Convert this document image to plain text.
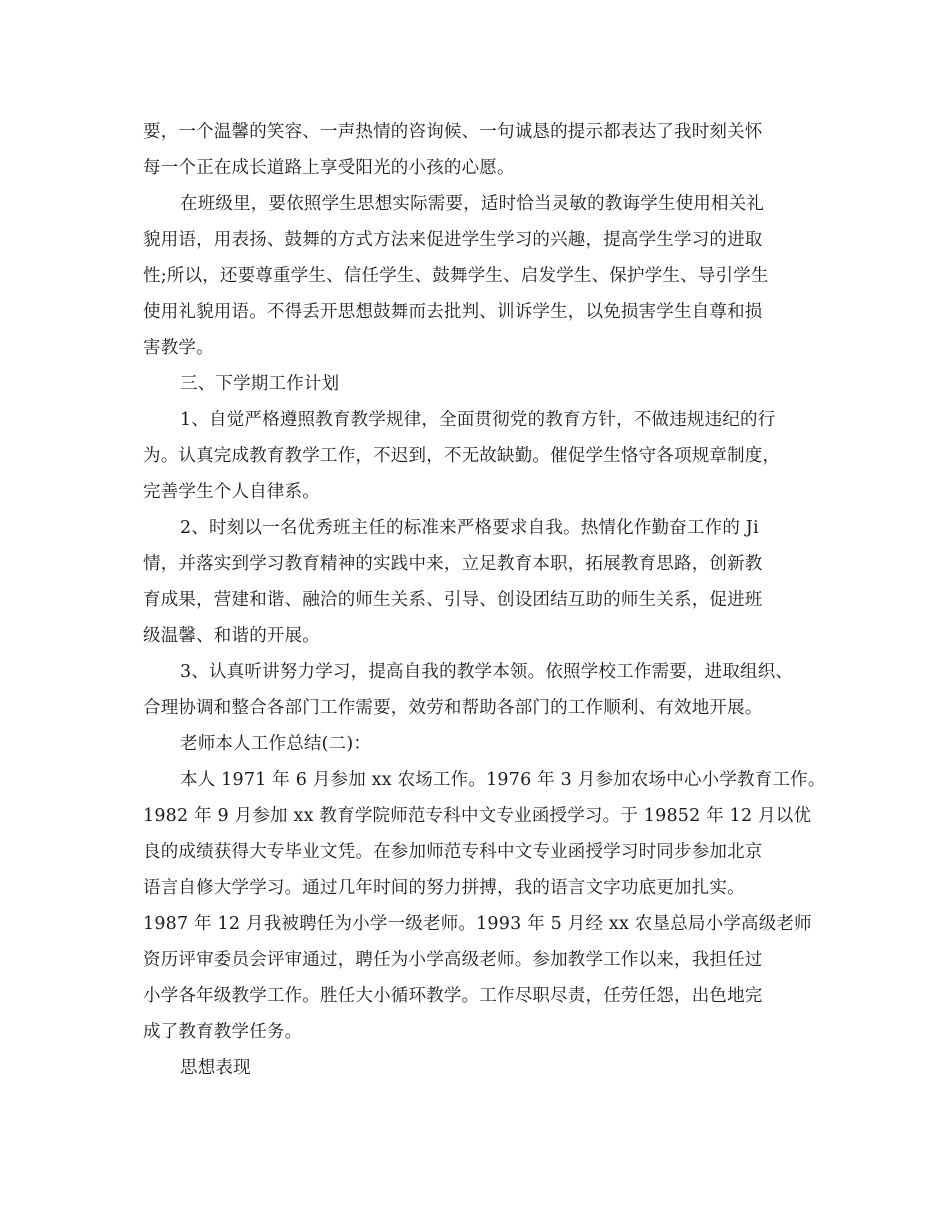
要，一个温馨的笑容、一声热情的咨询候、一句诚恳的提示都表达了我时刻关怀
每一个正在成长道路上享受阳光的小孩的心愿。
在班级里，要依照学生思想实际需要，适时恰当灵敏的教诲学生使用相关礼
貌用语，用表扬、鼓舞的方式方法来促进学生学习的兴趣，提高学生学习的进取
性;所以，还要尊重学生、信任学生、鼓舞学生、启发学生、保护学生、导引学生
使用礼貌用语。不得丢开思想鼓舞而去批判、训诉学生，以免损害学生自尊和损
害教学。
三、下学期工作计划
1、自觉严格遵照教育教学规律，全面贯彻党的教育方针，不做违规违纪的行
为。认真完成教育教学工作，不迟到，不无故缺勤。催促学生恪守各项规章制度，
完善学生个人自律系。
2、时刻以一名优秀班主任的标准来严格要求自我。热情化作勤奋工作的 Ji
情，并落实到学习教育精神的实践中来，立足教育本职，拓展教育思路，创新教
育成果，营建和谐、融洽的师生关系、引导、创设团结互助的师生关系，促进班
级温馨、和谐的开展。
3、认真听讲努力学习，提高自我的教学本领。依照学校工作需要，进取组织、
合理协调和整合各部门工作需要，效劳和帮助各部门的工作顺利、有效地开展。
老师本人工作总结(二)：
本人 1971 年 6 月参加 xx 农场工作。1976 年 3 月参加农场中心小学教育工作。
1982 年 9 月参加 xx 教育学院师范专科中文专业函授学习。于 19852 年 12 月以优
良的成绩获得大专毕业文凭。在参加师范专科中文专业函授学习时同步参加北京
语言自修大学学习。通过几年时间的努力拼搏，我的语言文字功底更加扎实。
1987 年 12 月我被聘任为小学一级老师。1993 年 5 月经 xx 农垦总局小学高级老师
资历评审委员会评审通过，聘任为小学高级老师。参加教学工作以来，我担任过
小学各年级教学工作。胜任大小循环教学。工作尽职尽责，任劳任怨，出色地完
成了教育教学任务。
思想表现
